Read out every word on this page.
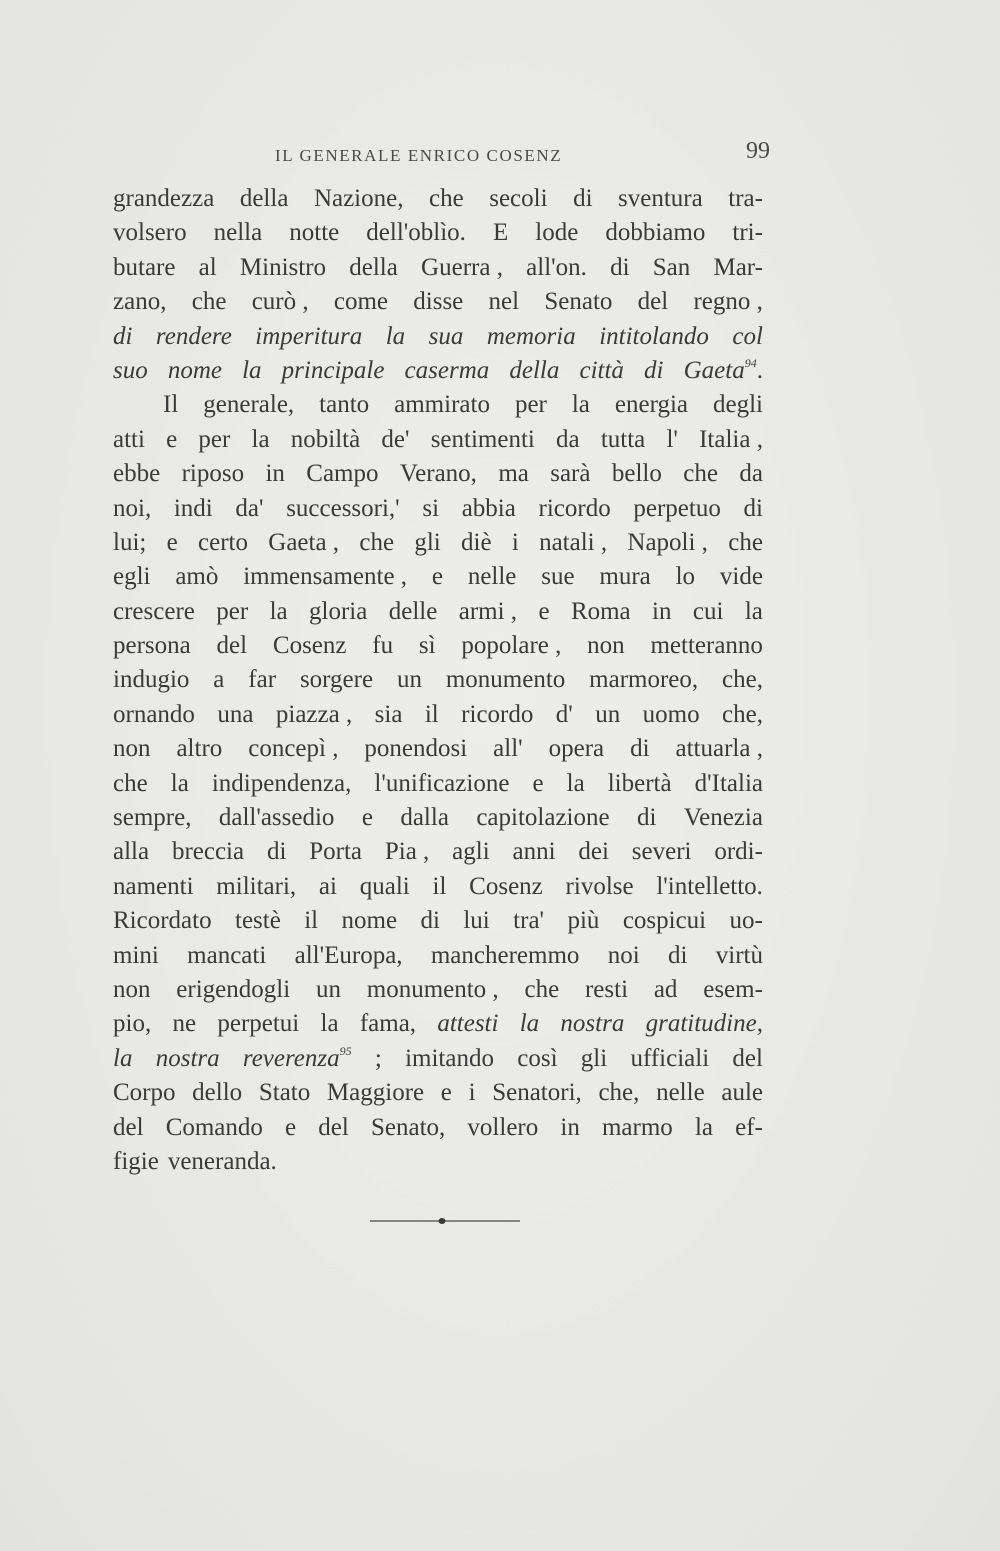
IL GENERALE ENRICO COSENZ	99
grandezza della Nazione, che secoli di sventura tra-
volsero nella notte dell'oblìo. E lode dobbiamo tri-
butare al Ministro della Guerra , all'on. di San Mar-
zano, che curò , come disse nel Senato del regno ,
di rendere imperitura la sua memoria intitolando col
suo nome la principale caserma della città di Gaeta$^{94}$.
Il generale, tanto ammirato per la energia degli
atti e per la nobiltà de' sentimenti da tutta l' Italia ,
ebbe riposo in Campo Verano, ma sarà bello che da
noi, indi da' successori,' si abbia ricordo perpetuo di
lui; e certo Gaeta , che gli diè i natali , Napoli , che
egli amò immensamente , e nelle sue mura lo vide
crescere per la gloria delle armi , e Roma in cui la
persona del Cosenz fu sì popolare , non metteranno
indugio a far sorgere un monumento marmoreo, che,
ornando una piazza , sia il ricordo d' un uomo che,
non altro concepì , ponendosi all' opera di attuarla ,
che la indipendenza, l'unificazione e la libertà d'Italia
sempre, dall'assedio e dalla capitolazione di Venezia
alla breccia di Porta Pia , agli anni dei severi ordi-
namenti militari, ai quali il Cosenz rivolse l'intelletto.
Ricordato testè il nome di lui tra' più cospicui uo-
mini mancati all'Europa, mancheremmo noi di virtù
non erigendogli un monumento , che resti ad esem-
pio, ne perpetui la fama, attesti la nostra gratitudine,
la nostra reverenza$^{95}$ ; imitando così gli ufficiali del
Corpo dello Stato Maggiore e i Senatori, che, nelle aule
del Comando e del Senato, vollero in marmo la ef-
figie veneranda.
